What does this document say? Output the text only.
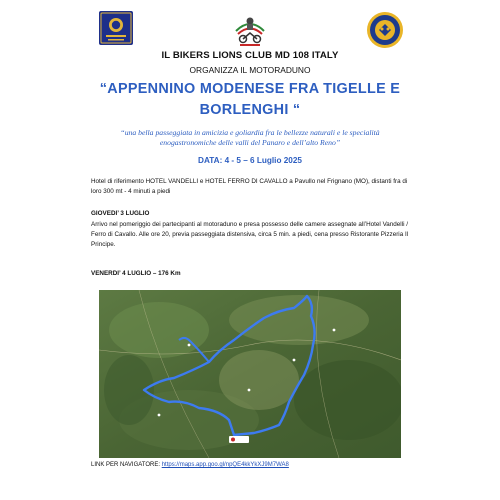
IL BIKERS LIONS CLUB MD 108 ITALY
ORGANIZZA IL MOTORADUNO
“APPENNINO MODENESE FRA TIGELLE E BORLENGHI “
“una bella passeggiata in amicizia e goliardia fra le bellezze naturali e le specialità enogastronomiche delle valli del Panaro e dell’alto Reno”
DATA: 4 - 5 – 6 Luglio 2025
Hotel di riferimento HOTEL VANDELLI e HOTEL FERRO DI CAVALLO a Pavullo nel Frignano (MO), distanti fra di loro 300 mt - 4 minuti a piedi
GIOVEDI’ 3 LUGLIO
Arrivo nel pomeriggio dei partecipanti al motoraduno e presa possesso delle camere assegnate all’Hotel Vandelli / Ferro di Cavallo. Alle ore 20, previa passeggiata distensiva, circa 5 min. a piedi, cena presso Ristorante Pizzeria Il Principe.
VENERDI’ 4 LUGLIO – 176 Km
LINK PER NAVIGATORE: https://maps.app.goo.gl/npQE4kkYkXJ9M7WA8
